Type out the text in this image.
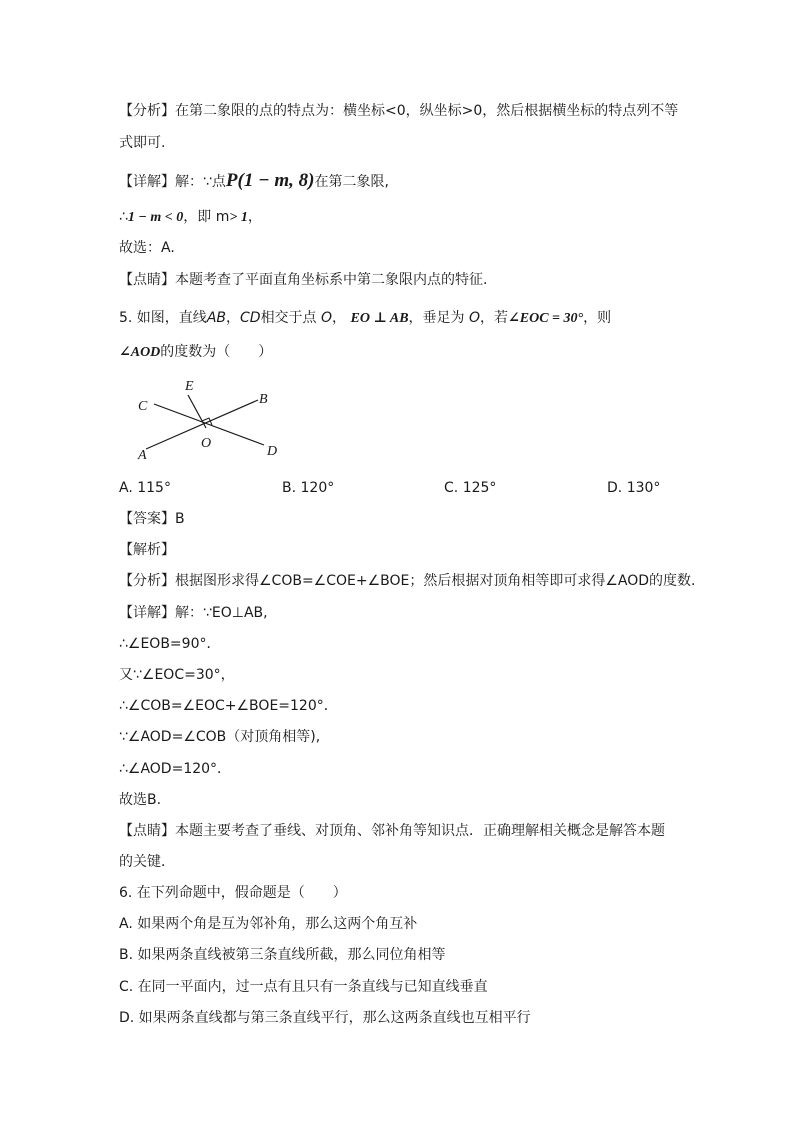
【分析】在第二象限的点的特点为：横坐标<0，纵坐标>0，然后根据横坐标的特点列不等
式即可.
【详解】解：∵点P(1 − m, 8)在第二象限,
∴1 − m < 0，即 m> 1，
故选：A.
【点睛】本题考查了平面直角坐标系中第二象限内点的特征.
5. 如图，直线AB，CD相交于点 O， EO ⊥ AB，垂足为 O，若∠EOC = 30°，则
∠AOD的度数为（　　）
C
E
B
O
A	D
A. 115°	B. 120°	C. 125°	D. 130°
【答案】B
【解析】
【分析】根据图形求得∠COB=∠COE+∠BOE；然后根据对顶角相等即可求得∠AOD的度数.
【详解】解：∵EO⊥AB,
∴∠EOB=90°．
又∵∠EOC=30°，
∴∠COB=∠EOC+∠BOE=120°．
∵∠AOD=∠COB（对顶角相等),
∴∠AOD=120°．
故选B.
【点睛】本题主要考查了垂线、对顶角、邻补角等知识点．正确理解相关概念是解答本题
的关键．
6. 在下列命题中，假命题是（　　）
A. 如果两个角是互为邻补角，那么这两个角互补
B. 如果两条直线被第三条直线所截，那么同位角相等
C. 在同一平面内，过一点有且只有一条直线与已知直线垂直
D. 如果两条直线都与第三条直线平行，那么这两条直线也互相平行
